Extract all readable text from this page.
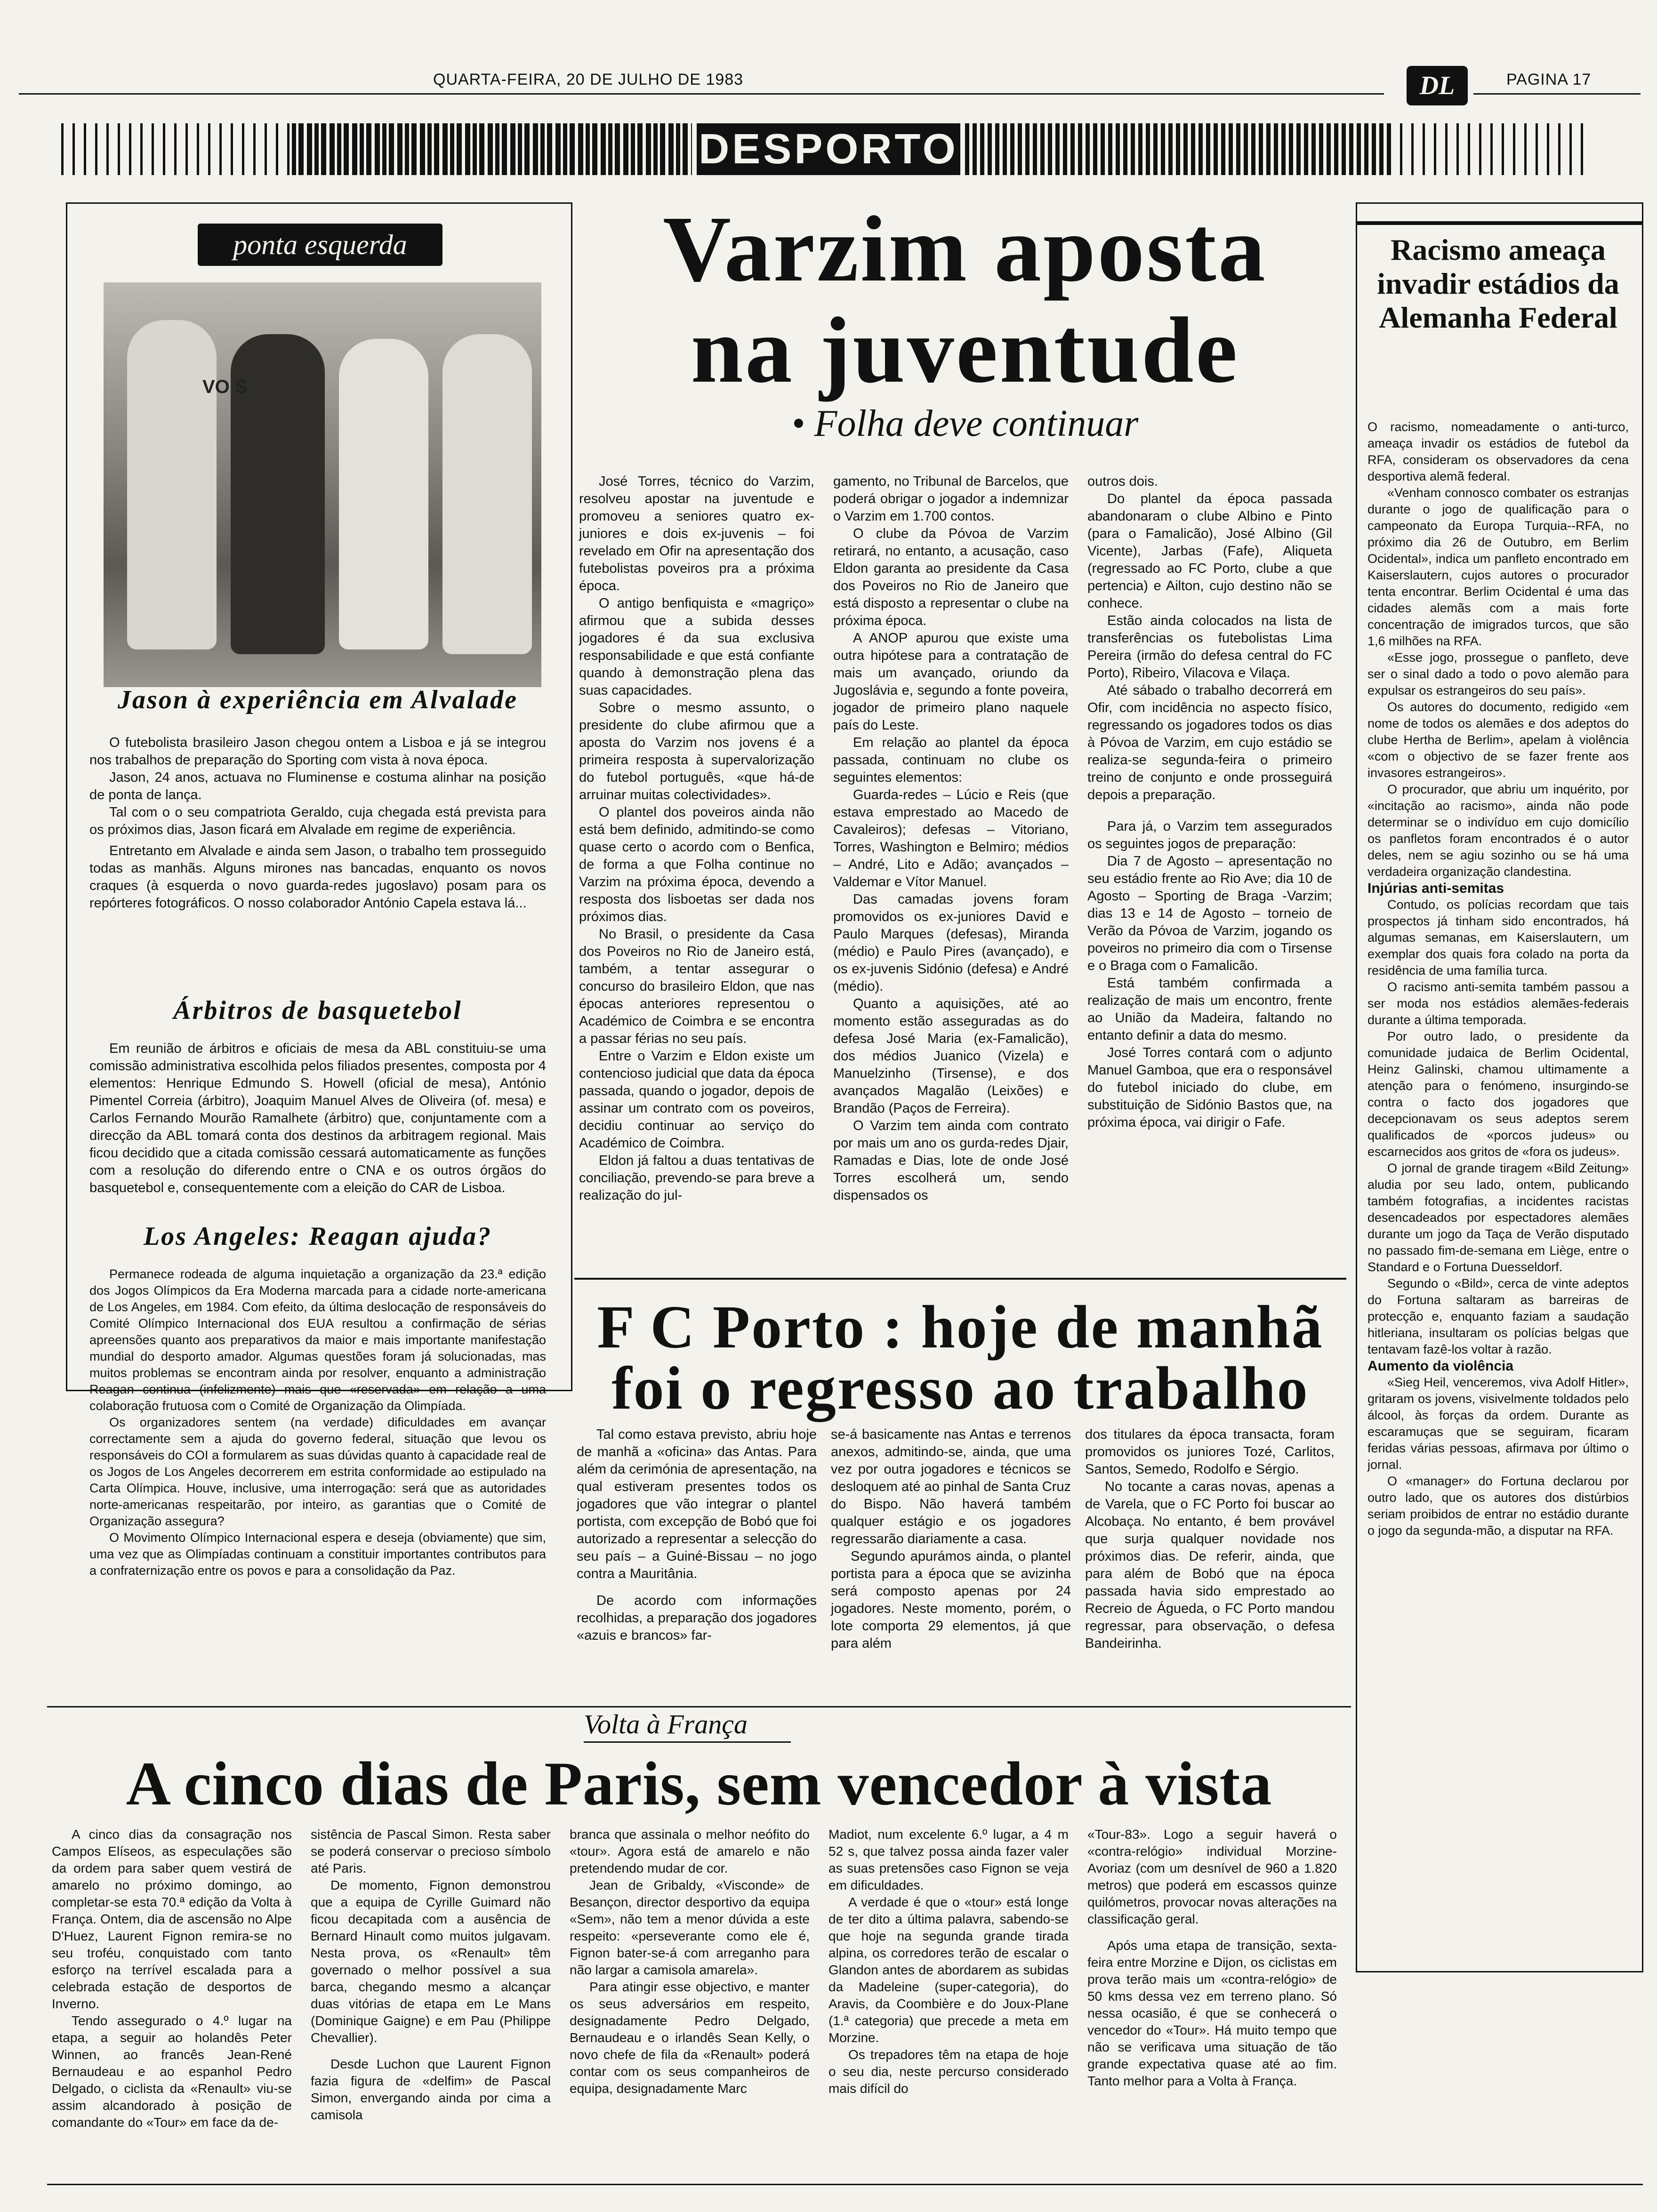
QUARTA-FEIRA, 20 DE JULHO DE 1983	DL	PAGINA 17
DESPORTO
ponta esquerda
VO S
Jason à experiência em Alvalade

O futebolista brasileiro Jason chegou ontem a Lisboa e já se integrou nos trabalhos de preparação do Sporting com vista à nova época.

Jason, 24 anos, actuava no Fluminense e costuma alinhar na posição de ponta de lança.

Tal com o o seu compatriota Geraldo, cuja chegada está prevista para os próximos dias, Jason ficará em Alvalade em regime de experiência.

Entretanto em Alvalade e ainda sem Jason, o trabalho tem prosseguido todas as manhãs. Alguns mirones nas bancadas, enquanto os novos craques (à esquerda o novo guarda-redes jugoslavo) posam para os repórteres fotográficos. O nosso colaborador António Capela estava lá...

Árbitros de basquetebol

Em reunião de árbitros e oficiais de mesa da ABL constituiu-se uma comissão administrativa escolhida pelos filiados presentes, composta por 4 elementos: Henrique Edmundo S. Howell (oficial de mesa), António Pimentel Correia (árbitro), Joaquim Manuel Alves de Oliveira (of. mesa) e Carlos Fernando Mourão Ramalhete (árbitro) que, conjuntamente com a direcção da ABL tomará conta dos destinos da arbitragem regional. Mais ficou decidido que a citada comissão cessará automaticamente as funções com a resolução do diferendo entre o CNA e os outros órgãos do basquetebol e, consequentemente com a eleição do CAR de Lisboa.

Los Angeles: Reagan ajuda?

Permanece rodeada de alguma inquietação a organização da 23.ª edição dos Jogos Olímpicos da Era Moderna marcada para a cidade norte-americana de Los Angeles, em 1984. Com efeito, da última deslocação de responsáveis do Comité Olímpico Internacional dos EUA resultou a confirmação de sérias apreensões quanto aos preparativos da maior e mais importante manifestação mundial do desporto amador. Algumas questões foram já solucionadas, mas muitos problemas se encontram ainda por resolver, enquanto a administração Reagan continua (infelizmente) mais que «reservada» em relação a uma colaboração frutuosa com o Comité de Organização da Olimpíada.

Os organizadores sentem (na verdade) dificuldades em avançar correctamente sem a ajuda do governo federal, situação que levou os responsáveis do COI a formularem as suas dúvidas quanto à capacidade real de os Jogos de Los Angeles decorrerem em estrita conformidade ao estipulado na Carta Olímpica. Houve, inclusive, uma interrogação: será que as autoridades norte-americanas respeitarão, por inteiro, as garantias que o Comité de Organização assegura?

O Movimento Olímpico Internacional espera e deseja (obviamente) que sim, uma vez que as Olimpíadas continuam a constituir importantes contributos para a confraternização entre os povos e para a consolidação da Paz.

Varzim aposta
na juventude
• Folha deve continuar

José Torres, técnico do Varzim, resolveu apostar na juventude e promoveu a seniores quatro ex-juniores e dois ex-juvenis – foi revelado em Ofir na apresentação dos futebolistas poveiros pra a próxima época.

O antigo benfiquista e «magriço» afirmou que a subida desses jogadores é da sua exclusiva responsabilidade e que está confiante quando à demonstração plena das suas capacidades.

Sobre o mesmo assunto, o presidente do clube afirmou que a aposta do Varzim nos jovens é a primeira resposta à supervalorização do futebol português, «que há-de arruinar muitas colectividades».

O plantel dos poveiros ainda não está bem definido, admitindo-se como quase certo o acordo com o Benfica, de forma a que Folha continue no Varzim na próxima época, devendo a resposta dos lisboetas ser dada nos próximos dias.

No Brasil, o presidente da Casa dos Poveiros no Rio de Janeiro está, também, a tentar assegurar o concurso do brasileiro Eldon, que nas épocas anteriores representou o Académico de Coimbra e se encontra a passar férias no seu país.

Entre o Varzim e Eldon existe um contencioso judicial que data da época passada, quando o jogador, depois de assinar um contrato com os poveiros, decidiu continuar ao serviço do Académico de Coimbra.

Eldon já faltou a duas tentativas de conciliação, prevendo-se para breve a realização do jul-

gamento, no Tribunal de Barcelos, que poderá obrigar o jogador a indemnizar o Varzim em 1.700 contos.

O clube da Póvoa de Varzim retirará, no entanto, a acusação, caso Eldon garanta ao presidente da Casa dos Poveiros no Rio de Janeiro que está disposto a representar o clube na próxima época.

A ANOP apurou que existe uma outra hipótese para a contratação de mais um avançado, oriundo da Jugoslávia e, segundo a fonte poveira, jogador de primeiro plano naquele país do Leste.

Em relação ao plantel da época passada, continuam no clube os seguintes elementos:

Guarda-redes – Lúcio e Reis (que estava emprestado ao Macedo de Cavaleiros); defesas – Vitoriano, Torres, Washington e Belmiro; médios – André, Lito e Adão; avançados – Valdemar e Vítor Manuel.

Das camadas jovens foram promovidos os ex-juniores David e Paulo Marques (defesas), Miranda (médio) e Paulo Pires (avançado), e os ex-juvenis Sidónio (defesa) e André (médio).

Quanto a aquisições, até ao momento estão asseguradas as do defesa José Maria (ex-Famalicão), dos médios Juanico (Vizela) e Manuelzinho (Tirsense), e dos avançados Magalão (Leixões) e Brandão (Paços de Ferreira).

O Varzim tem ainda com contrato por mais um ano os gurda-redes Djair, Ramadas e Dias, lote de onde José Torres escolherá um, sendo dispensados os

outros dois.

Do plantel da época passada abandonaram o clube Albino e Pinto (para o Famalicão), José Albino (Gil Vicente), Jarbas (Fafe), Aliqueta (regressado ao FC Porto, clube a que pertencia) e Ailton, cujo destino não se conhece.

Estão ainda colocados na lista de transferências os futebolistas Lima Pereira (irmão do defesa central do FC Porto), Ribeiro, Vilacova e Vilaça.

Até sábado o trabalho decorrerá em Ofir, com incidência no aspecto físico, regressando os jogadores todos os dias à Póvoa de Varzim, em cujo estádio se realiza-se segunda-feira o primeiro treino de conjunto e onde prosseguirá depois a preparação.

Para já, o Varzim tem assegurados os seguintes jogos de preparação:

Dia 7 de Agosto – apresentação no seu estádio frente ao Rio Ave; dia 10 de Agosto – Sporting de Braga -Varzim; dias 13 e 14 de Agosto – torneio de Verão da Póvoa de Varzim, jogando os poveiros no primeiro dia com o Tirsense e o Braga com o Famalicão.

Está também confirmada a realização de mais um encontro, frente ao União da Madeira, faltando no entanto definir a data do mesmo.

José Torres contará com o adjunto Manuel Gamboa, que era o responsável do futebol iniciado do clube, em substituição de Sidónio Bastos que, na próxima época, vai dirigir o Fafe.

Racismo ameaça invadir estádios da Alemanha Federal

O racismo, nomeadamente o anti-turco, ameaça invadir os estádios de futebol da RFA, consideram os observadores da cena desportiva alemã federal.

«Venham connosco combater os estranjas durante o jogo de qualificação para o campeonato da Europa Turquia--RFA, no próximo dia 26 de Outubro, em Berlim Ocidental», indica um panfleto encontrado em Kaiserslautern, cujos autores o procurador tenta encontrar. Berlim Ocidental é uma das cidades alemãs com a mais forte concentração de imigrados turcos, que são 1,6 milhões na RFA.

«Esse jogo, prossegue o panfleto, deve ser o sinal dado a todo o povo alemão para expulsar os estrangeiros do seu país».

Os autores do documento, redigido «em nome de todos os alemães e dos adeptos do clube Hertha de Berlim», apelam à violência «com o objectivo de se fazer frente aos invasores estrangeiros».

O procurador, que abriu um inquérito, por «incitação ao racismo», ainda não pode determinar se o indivíduo em cujo domicílio os panfletos foram encontrados é o autor deles, nem se agiu sozinho ou se há uma verdadeira organização clandestina.

Injúrias anti-semitas

Contudo, os polícias recordam que tais prospectos já tinham sido encontrados, há algumas semanas, em Kaiserslautern, um exemplar dos quais fora colado na porta da residência de uma família turca.

O racismo anti-semita também passou a ser moda nos estádios alemães-federais durante a última temporada.

Por outro lado, o presidente da comunidade judaica de Berlim Ocidental, Heinz Galinski, chamou ultimamente a atenção para o fenómeno, insurgindo-se contra o facto dos jogadores que decepcionavam os seus adeptos serem qualificados de «porcos judeus» ou escarnecidos aos gritos de «fora os judeus».

O jornal de grande tiragem «Bild Zeitung» aludia por seu lado, ontem, publicando também fotografias, a incidentes racistas desencadeados por espectadores alemães durante um jogo da Taça de Verão disputado no passado fim-de-semana em Liège, entre o Standard e o Fortuna Duesseldorf.

Segundo o «Bild», cerca de vinte adeptos do Fortuna saltaram as barreiras de protecção e, enquanto faziam a saudação hitleriana, insultaram os polícias belgas que tentavam fazê-los voltar à razão.

Aumento da violência

«Sieg Heil, venceremos, viva Adolf Hitler», gritaram os jovens, visivelmente toldados pelo álcool, às forças da ordem. Durante as escaramuças que se seguiram, ficaram feridas várias pessoas, afirmava por último o jornal.

O «manager» do Fortuna declarou por outro lado, que os autores dos distúrbios seriam proibidos de entrar no estádio durante o jogo da segunda-mão, a disputar na RFA.

F C Porto : hoje de manhã
foi o regresso ao trabalho

Tal como estava previsto, abriu hoje de manhã a «oficina» das Antas. Para além da cerimónia de apresentação, na qual estiveram presentes todos os jogadores que vão integrar o plantel portista, com excepção de Bobó que foi autorizado a representar a selecção do seu país – a Guiné-Bissau – no jogo contra a Mauritânia.

De acordo com informações recolhidas, a preparação dos jogadores «azuis e brancos» far-

se-á basicamente nas Antas e terrenos anexos, admitindo-se, ainda, que uma vez por outra jogadores e técnicos se desloquem até ao pinhal de Santa Cruz do Bispo. Não haverá também qualquer estágio e os jogadores regressarão diariamente a casa.

Segundo apurámos ainda, o plantel portista para a época que se avizinha será composto apenas por 24 jogadores. Neste momento, porém, o lote comporta 29 elementos, já que para além

dos titulares da época transacta, foram promovidos os juniores Tozé, Carlitos, Santos, Semedo, Rodolfo e Sérgio.

No tocante a caras novas, apenas a de Varela, que o FC Porto foi buscar ao Alcobaça. No entanto, é bem provável que surja qualquer novidade nos próximos dias. De referir, ainda, que para além de Bobó que na época passada havia sido emprestado ao Recreio de Águeda, o FC Porto mandou regressar, para observação, o defesa Bandeirinha.

Volta à França
A cinco dias de Paris, sem vencedor à vista

A cinco dias da consagração nos Campos Elíseos, as especulações são da ordem para saber quem vestirá de amarelo no próximo domingo, ao completar-se esta 70.ª edição da Volta à França. Ontem, dia de ascensão no Alpe D'Huez, Laurent Fignon remira-se no seu troféu, conquistado com tanto esforço na terrível escalada para a celebrada estação de desportos de Inverno.

Tendo assegurado o 4.º lugar na etapa, a seguir ao holandês Peter Winnen, ao francês Jean-René Bernaudeau e ao espanhol Pedro Delgado, o ciclista da «Renault» viu-se assim alcandorado à posição de comandante do «Tour» em face da de-

sistência de Pascal Simon. Resta saber se poderá conservar o precioso símbolo até Paris.

De momento, Fignon demonstrou que a equipa de Cyrille Guimard não ficou decapitada com a ausência de Bernard Hinault como muitos julgavam. Nesta prova, os «Renault» têm governado o melhor possível a sua barca, chegando mesmo a alcançar duas vitórias de etapa em Le Mans (Dominique Gaigne) e em Pau (Philippe Chevallier).

Desde Luchon que Laurent Fignon fazia figura de «delfim» de Pascal Simon, envergando ainda por cima a camisola

branca que assinala o melhor neófito do «tour». Agora está de amarelo e não pretendendo mudar de cor.

Jean de Gribaldy, «Visconde» de Besançon, director desportivo da equipa «Sem», não tem a menor dúvida a este respeito: «perseverante como ele é, Fignon bater-se-á com arreganho para não largar a camisola amarela».

Para atingir esse objectivo, e manter os seus adversários em respeito, designadamente Pedro Delgado, Bernaudeau e o irlandês Sean Kelly, o novo chefe de fila da «Renault» poderá contar com os seus companheiros de equipa, designadamente Marc

Madiot, num excelente 6.º lugar, a 4 m 52 s, que talvez possa ainda fazer valer as suas pretensões caso Fignon se veja em dificuldades.

A verdade é que o «tour» está longe de ter dito a última palavra, sabendo-se que hoje na segunda grande tirada alpina, os corredores terão de escalar o Glandon antes de abordarem as subidas da Madeleine (super-categoria), do Aravis, da Coombière e do Joux-Plane (1.ª categoria) que precede a meta em Morzine.

Os trepadores têm na etapa de hoje o seu dia, neste percurso considerado mais difícil do

«Tour-83». Logo a seguir haverá o «contra-relógio» individual Morzine-Avoriaz (com um desnível de 960 a 1.820 metros) que poderá em escassos quinze quilómetros, provocar novas alterações na classificação geral.

Após uma etapa de transição, sexta-feira entre Morzine e Dijon, os ciclistas em prova terão mais um «contra-relógio» de 50 kms dessa vez em terreno plano. Só nessa ocasião, é que se conhecerá o vencedor do «Tour». Há muito tempo que não se verificava uma situação de tão grande expectativa quase até ao fim. Tanto melhor para a Volta à França.
